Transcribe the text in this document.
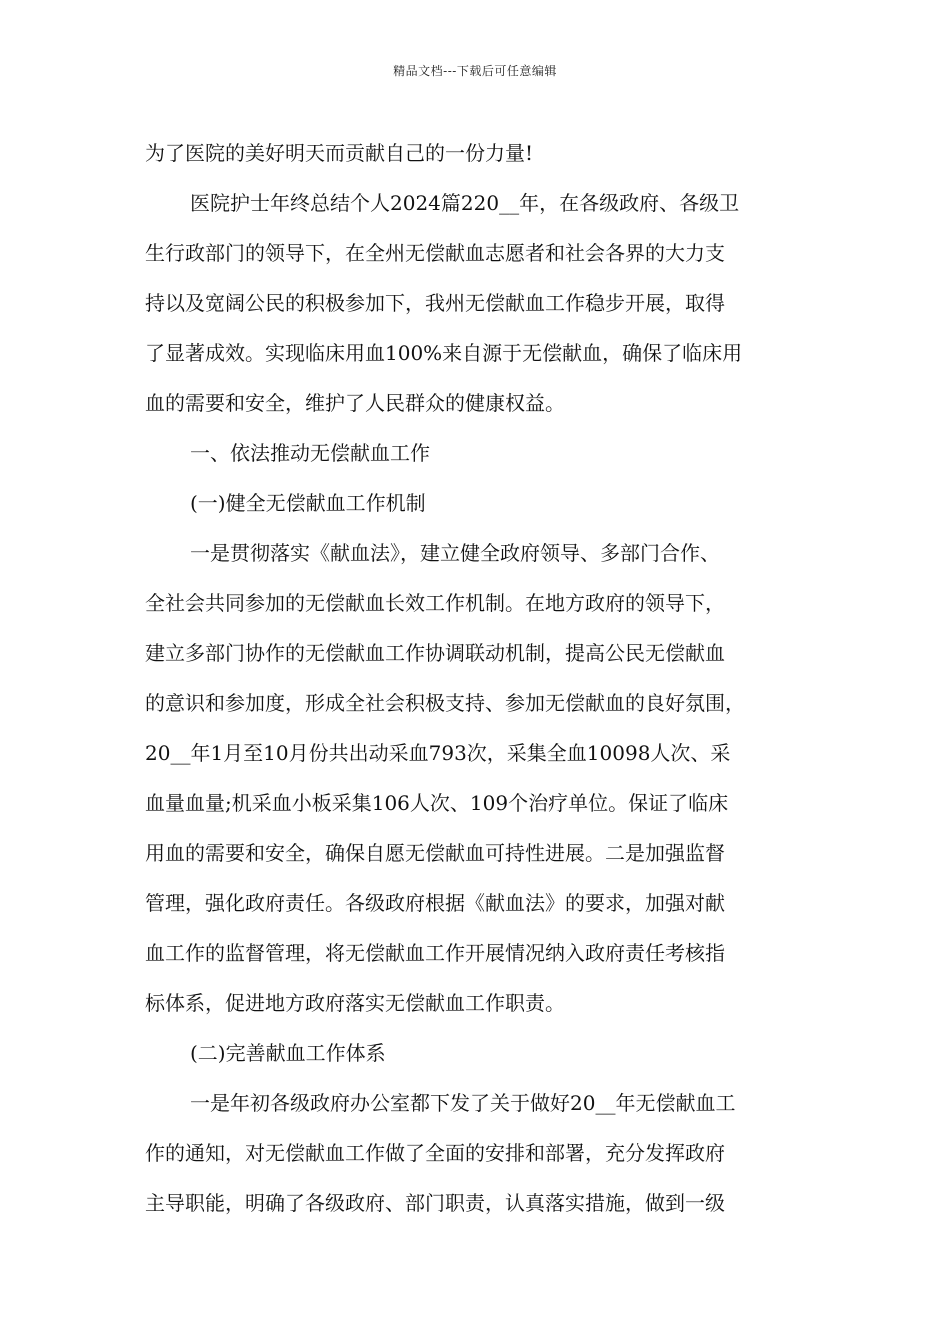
精品文档---下载后可任意编辑
为了医院的美好明天而贡献自己的一份力量!
医院护士年终总结个人2024篇220__年，在各级政府、各级卫
生行政部门的领导下，在全州无偿献血志愿者和社会各界的大力支
持以及宽阔公民的积极参加下，我州无偿献血工作稳步开展，取得
了显著成效。实现临床用血100%来自源于无偿献血，确保了临床用
血的需要和安全，维护了人民群众的健康权益。
一、依法推动无偿献血工作
(一)健全无偿献血工作机制
一是贯彻落实《献血法》，建立健全政府领导、多部门合作、
全社会共同参加的无偿献血长效工作机制。在地方政府的领导下，
建立多部门协作的无偿献血工作协调联动机制，提高公民无偿献血
的意识和参加度，形成全社会积极支持、参加无偿献血的良好氛围，
20__年1月至10月份共出动采血793次，采集全血10098人次、采
血量血量;机采血小板采集106人次、109个治疗单位。保证了临床
用血的需要和安全，确保自愿无偿献血可持性进展。二是加强监督
管理，强化政府责任。各级政府根据《献血法》的要求，加强对献
血工作的监督管理，将无偿献血工作开展情况纳入政府责任考核指
标体系，促进地方政府落实无偿献血工作职责。
(二)完善献血工作体系
一是年初各级政府办公室都下发了关于做好20__年无偿献血工
作的通知，对无偿献血工作做了全面的安排和部署，充分发挥政府
主导职能，明确了各级政府、部门职责，认真落实措施，做到一级
